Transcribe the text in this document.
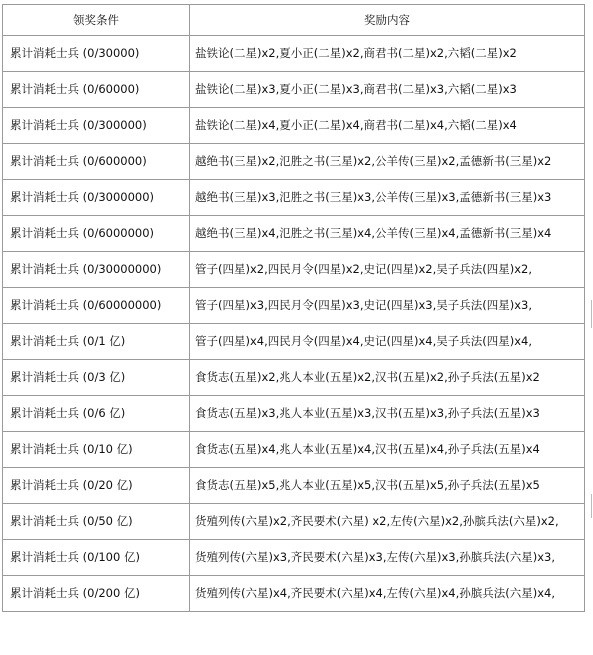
领奖条件	奖励内容
累计消耗士兵 (0/30000)	盐铁论(二星)x2,夏小正(二星)x2,商君书(二星)x2,六韬(二星)x2
累计消耗士兵 (0/60000)	盐铁论(二星)x3,夏小正(二星)x3,商君书(二星)x3,六韬(二星)x3
累计消耗士兵 (0/300000)	盐铁论(二星)x4,夏小正(二星)x4,商君书(二星)x4,六韬(二星)x4
累计消耗士兵 (0/600000)	越绝书(三星)x2,氾胜之书(三星)x2,公羊传(三星)x2,孟德新书(三星)x2
累计消耗士兵 (0/3000000)	越绝书(三星)x3,氾胜之书(三星)x3,公羊传(三星)x3,孟德新书(三星)x3
累计消耗士兵 (0/6000000)	越绝书(三星)x4,氾胜之书(三星)x4,公羊传(三星)x4,孟德新书(三星)x4
累计消耗士兵 (0/30000000)	管子(四星)x2,四民月令(四星)x2,史记(四星)x2,吴子兵法(四星)x2,
累计消耗士兵 (0/60000000)	管子(四星)x3,四民月令(四星)x3,史记(四星)x3,吴子兵法(四星)x3,
累计消耗士兵 (0/1 亿)	管子(四星)x4,四民月令(四星)x4,史记(四星)x4,吴子兵法(四星)x4,
累计消耗士兵 (0/3 亿)	食货志(五星)x2,兆人本业(五星)x2,汉书(五星)x2,孙子兵法(五星)x2
累计消耗士兵 (0/6 亿)	食货志(五星)x3,兆人本业(五星)x3,汉书(五星)x3,孙子兵法(五星)x3
累计消耗士兵 (0/10 亿)	食货志(五星)x4,兆人本业(五星)x4,汉书(五星)x4,孙子兵法(五星)x4
累计消耗士兵 (0/20 亿)	食货志(五星)x5,兆人本业(五星)x5,汉书(五星)x5,孙子兵法(五星)x5
累计消耗士兵 (0/50 亿)	货殖列传(六星)x2,齐民要术(六星) x2,左传(六星)x2,孙膑兵法(六星)x2,
累计消耗士兵 (0/100 亿)	货殖列传(六星)x3,齐民要术(六星)x3,左传(六星)x3,孙膑兵法(六星)x3,
累计消耗士兵 (0/200 亿)	货殖列传(六星)x4,齐民要术(六星)x4,左传(六星)x4,孙膑兵法(六星)x4,
